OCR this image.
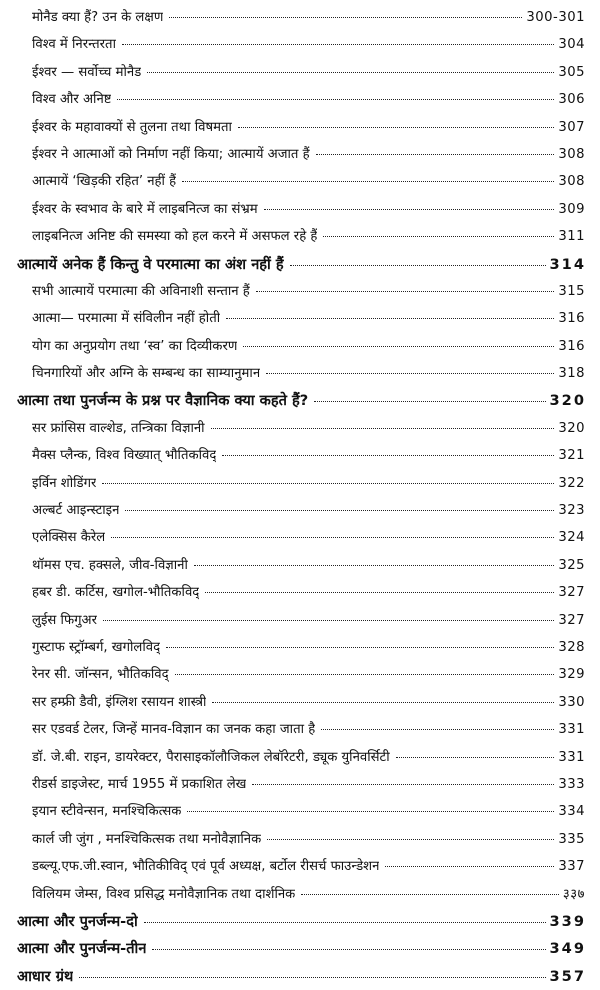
मोनैड क्या हैं? उन के लक्षण	300-301
विश्व में निरन्तरता	304
ईश्वर — सर्वोच्च मोनैड	305
विश्व और अनिष्ट	306
ईश्वर के महावाक्यों से तुलना तथा विषमता	307
ईश्वर ने आत्माओं को निर्माण नहीं किया; आत्मायें अजात हैं	308
आत्मायें ‘खिड़की रहित’ नहीं हैं	308
ईश्वर के स्वभाव के बारे में लाइबनित्ज का संभ्रम	309
लाइबनित्ज अनिष्ट की समस्या को हल करने में असफल रहे हैं	311
आत्मायें अनेक हैं किन्तु वे परमात्मा का अंश नहीं हैं	314
सभी आत्मायें परमात्मा की अविनाशी सन्तान हैं	315
आत्मा— परमात्मा में संविलीन नहीं होती	316
योग का अनुप्रयोग तथा ‘स्व’ का दिव्यीकरण	316
चिनगारियों और अग्नि के सम्बन्ध का साम्यानुमान	318
आत्मा तथा पुनर्जन्म के प्रश्न पर वैज्ञानिक क्या कहते हैं?	320
सर फ्रांसिस वाल्शेड, तन्त्रिका विज्ञानी	320
मैक्स प्लैन्क, विश्व विख्यात् भौतिकविद्	321
इर्विन शोडिंगर	322
अल्बर्ट आइन्स्टाइन	323
एलेक्सिस कैरेल	324
थॉमस एच. हक्सले, जीव-विज्ञानी	325
हबर डी. कर्टिस, खगोल-भौतिकविद्	327
लुईस फिगुअर	327
गुस्टाफ स्ट्रॉम्बर्ग, खगोलविद्	328
रेनर सी. जॉन्सन, भौतिकविद्	329
सर हम्फ्री डैवी, इंग्लिश रसायन शास्त्री	330
सर एडवर्ड टेलर, जिन्हें मानव-विज्ञान का जनक कहा जाता है	331
डॉ. जे.बी. राइन, डायरेक्टर, पैरासाइकॉलौजिकल लेबॉरेटरी, ड्यूक युनिवर्सिटी	331
रीडर्स डाइजेस्ट, मार्च 1955 में प्रकाशित लेख	333
इयान स्टीवेन्सन, मनश्चिकित्सक	334
कार्ल जी जुंग , मनश्चिकित्सक तथा मनोवैज्ञानिक	335
डब्ल्यू.एफ.जी.स्वान, भौतिकीविद् एवं पूर्व अध्यक्ष, बर्टोल रीसर्च फाउन्डेशन	337
विलियम जेम्स, विश्व प्रसिद्ध मनोवैज्ञानिक तथा दार्शनिक	३३७
आत्मा और पुनर्जन्म-दो	339
आत्मा और पुनर्जन्म-तीन	349
आधार ग्रंथ	357
